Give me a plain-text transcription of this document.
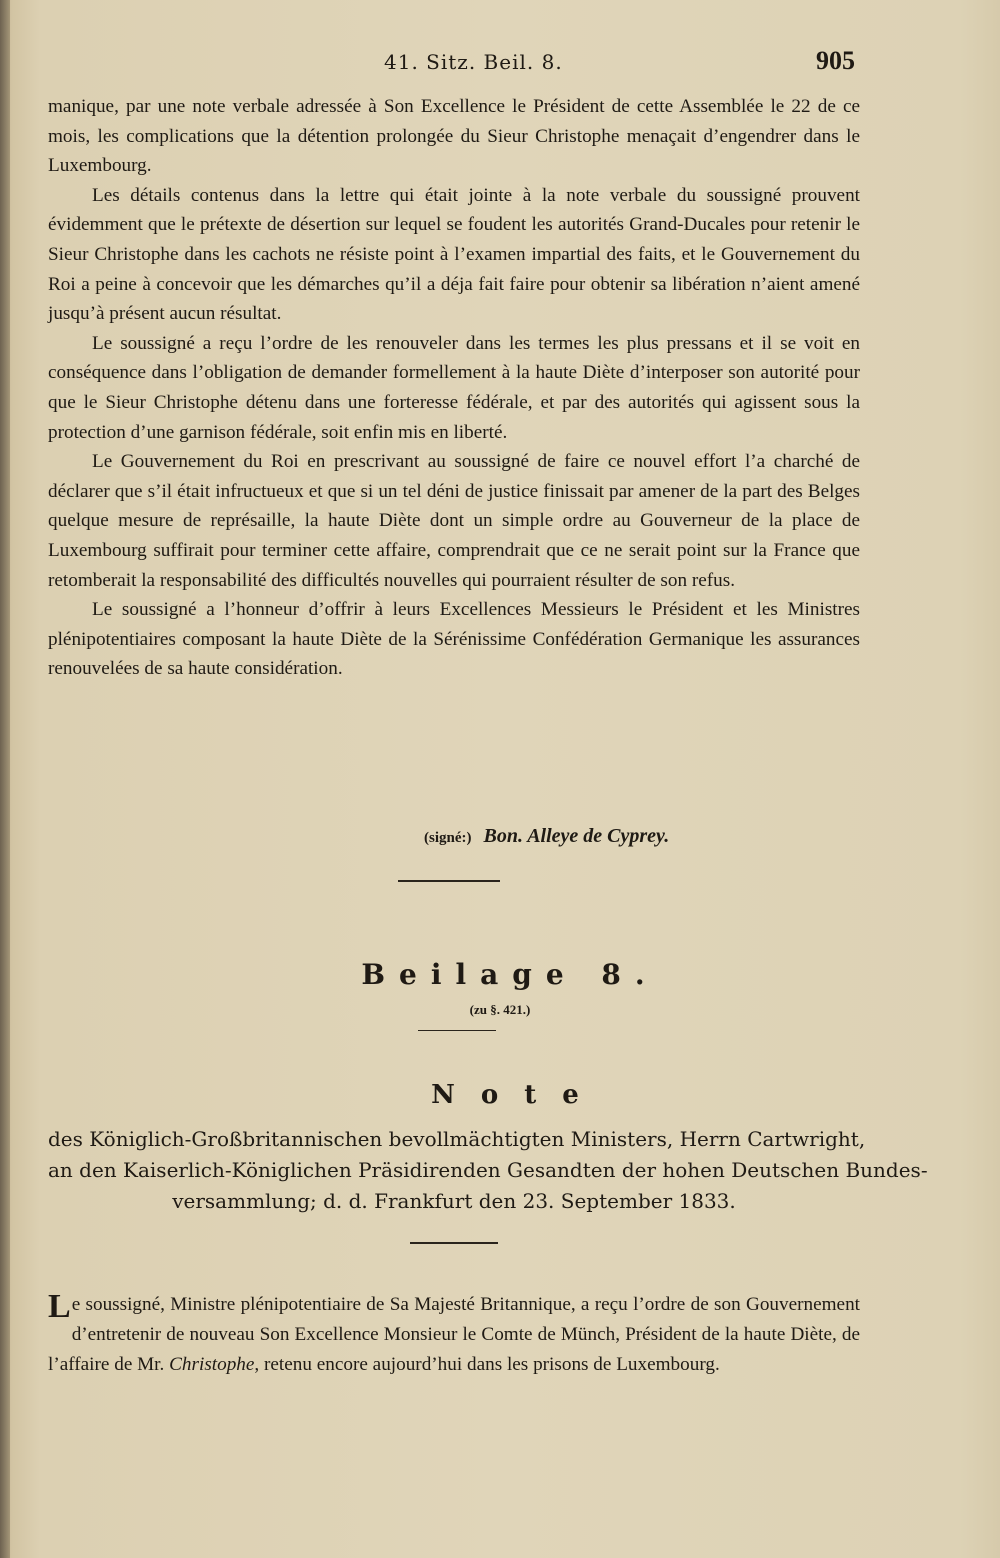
41. Sitz. Beil. 8.	905

manique, par une note verbale adressée à Son Excellence le Président de cette Assemblée le 22 de ce mois, les complications que la détention prolongée du Sieur Christophe menaçait d’engendrer dans le Luxembourg.

Les détails contenus dans la lettre qui était jointe à la note verbale du soussigné prouvent évidemment que le prétexte de désertion sur lequel se foudent les autorités Grand-Ducales pour retenir le Sieur Christophe dans les cachots ne résiste point à l’examen impartial des faits, et le Gouvernement du Roi a peine à concevoir que les démarches qu’il a déja fait faire pour obtenir sa libération n’aient amené jusqu’à présent aucun résultat.

Le soussigné a reçu l’ordre de les renouveler dans les termes les plus pressans et il se voit en conséquence dans l’obligation de demander formellement à la haute Diète d’interposer son autorité pour que le Sieur Christophe détenu dans une forteresse fédérale, et par des autorités qui agissent sous la protection d’une garnison fédérale, soit enfin mis en liberté.

Le Gouvernement du Roi en prescrivant au soussigné de faire ce nouvel effort l’a charché de déclarer que s’il était infructueux et que si un tel déni de justice finissait par amener de la part des Belges quelque mesure de représaille, la haute Diète dont un simple ordre au Gouverneur de la place de Luxembourg suffirait pour terminer cette affaire, comprendrait que ce ne serait point sur la France que retomberait la responsabilité des difficultés nouvelles qui pourraient résulter de son refus.

Le soussigné a l’honneur d’offrir à leurs Excellences Messieurs le Président et les Ministres plénipotentiaires composant la haute Diète de la Sérénissime Confédération Germanique les assurances renouvelées de sa haute considération.

(signé:) Bon. Alleye de Cyprey.
Beilage 8.
(zu §. 421.)
Note
des Königlich-Großbritannischen bevollmächtigten Ministers, Herrn Cartwright,
an den Kaiserlich-Königlichen Präsidirenden Gesandten der hohen Deutschen Bundes-
versammlung; d. d. Frankfurt den 23. September 1833.
Le soussigné, Ministre plénipotentiaire de Sa Majesté Britannique, a reçu l’ordre de son Gouvernement d’entretenir de nouveau Son Excellence Monsieur le Comte de Münch, Président de la haute Diète, de l’affaire de Mr. Christophe, retenu encore aujourd’hui dans les prisons de Luxembourg.
